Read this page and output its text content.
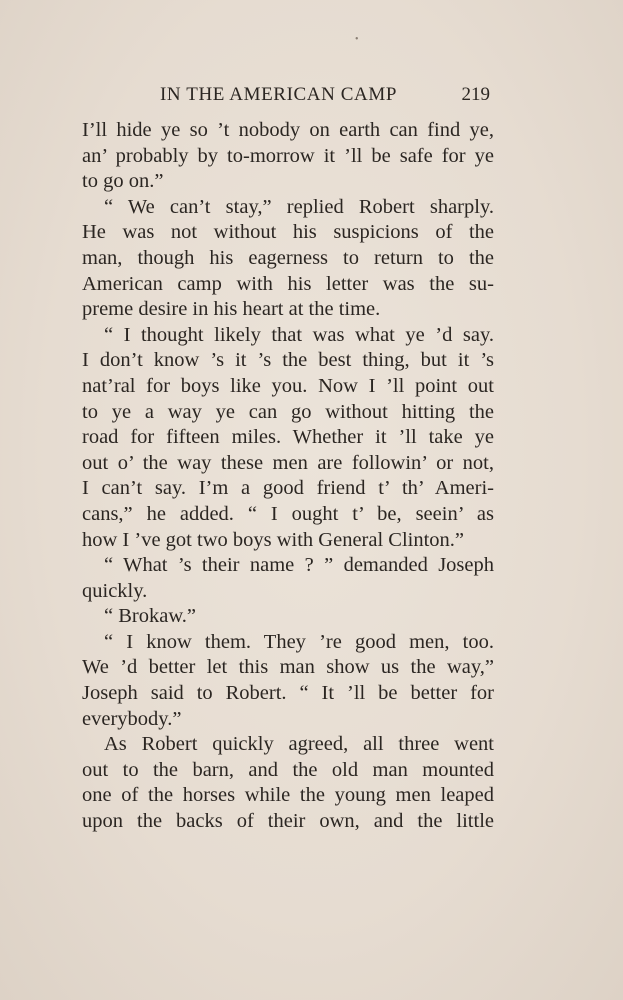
•
IN THE AMERICAN CAMP	219
I’ll hide ye so ’t nobody on earth can find ye,
an’ probably by to-morrow it ’ll be safe for ye
to go on.”
“ We can’t stay,” replied Robert sharply.
He was not without his suspicions of the
man, though his eagerness to return to the
American camp with his letter was the su-
preme desire in his heart at the time.
“ I thought likely that was what ye ’d say.
I don’t know ’s it ’s the best thing, but it ’s
nat’ral for boys like you. Now I ’ll point out
to ye a way ye can go without hitting the
road for fifteen miles. Whether it ’ll take ye
out o’ the way these men are followin’ or not,
I can’t say. I’m a good friend t’ th’ Ameri-
cans,” he added. “ I ought t’ be, seein’ as
how I ’ve got two boys with General Clinton.”
“ What ’s their name ? ” demanded Joseph
quickly.
“ Brokaw.”
“ I know them. They ’re good men, too.
We ’d better let this man show us the way,”
Joseph said to Robert. “ It ’ll be better for
everybody.”
As Robert quickly agreed, all three went
out to the barn, and the old man mounted
one of the horses while the young men leaped
upon the backs of their own, and the little
